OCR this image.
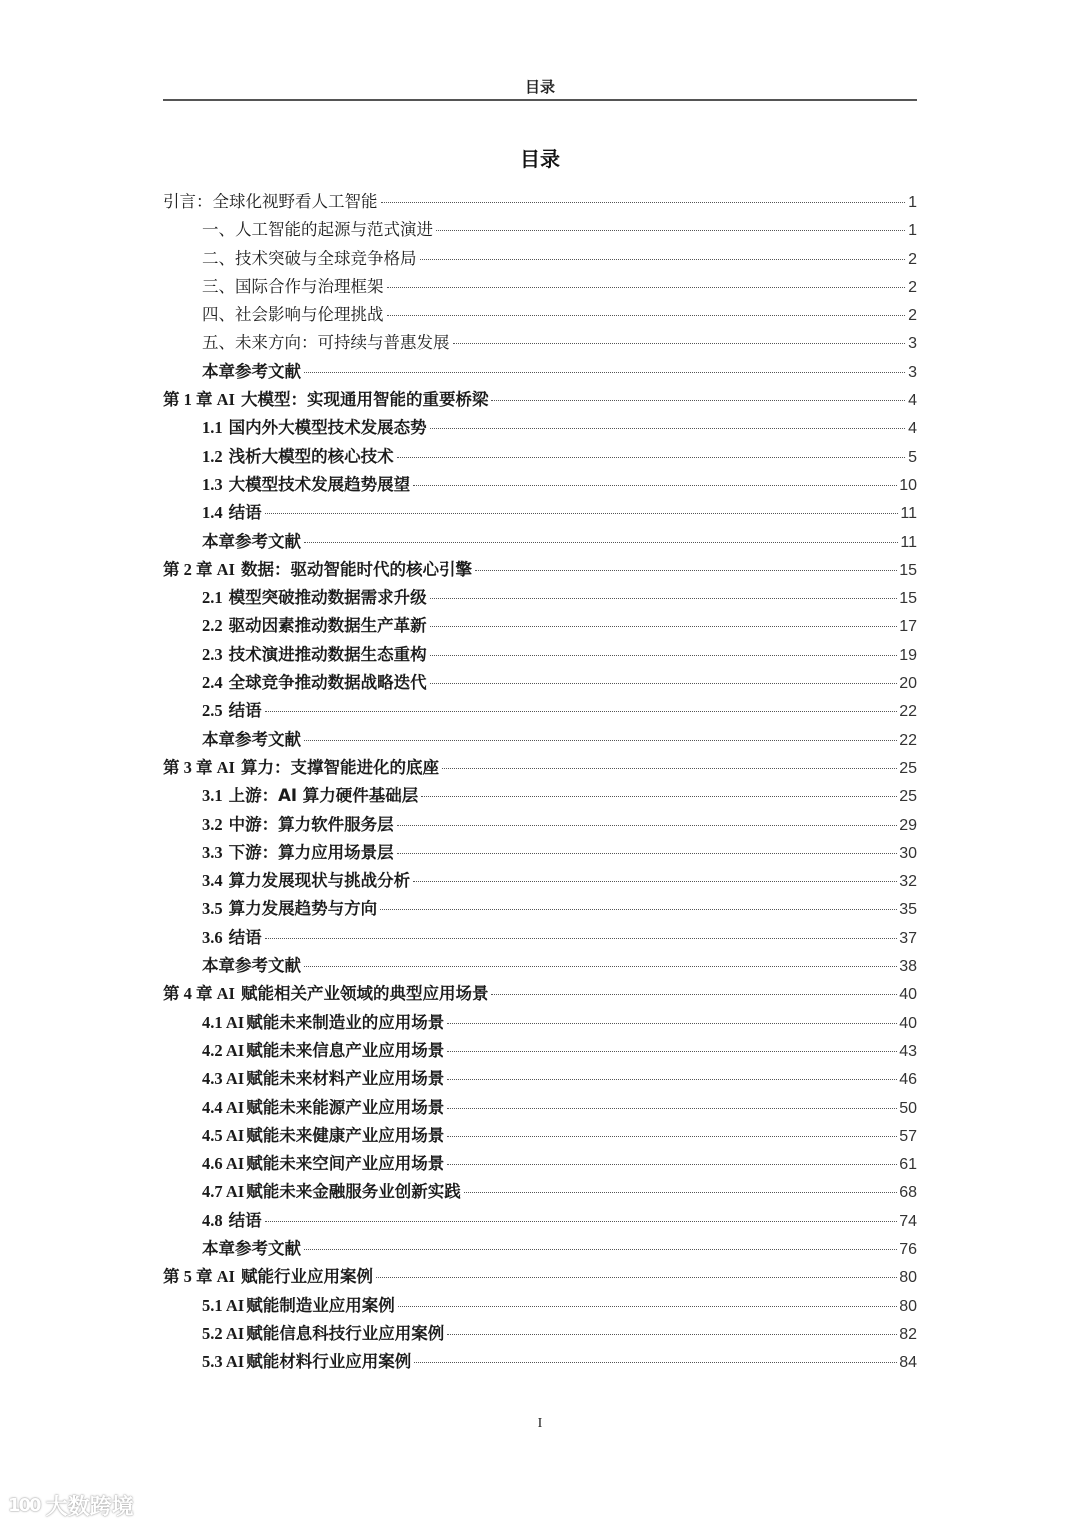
目录
目录
引言：全球化视野看人工智能	1
一、人工智能的起源与范式演进	1
二、技术突破与全球竞争格局	2
三、国际合作与治理框架	2
四、社会影响与伦理挑战	2
五、未来方向：可持续与普惠发展	3
本章参考文献	3
第 1 章 AI 大模型：实现通用智能的重要桥梁	4
1.1 国内外大模型技术发展态势	4
1.2 浅析大模型的核心技术	5
1.3 大模型技术发展趋势展望	10
1.4 结语	11
本章参考文献	11
第 2 章 AI 数据：驱动智能时代的核心引擎	15
2.1 模型突破推动数据需求升级	15
2.2 驱动因素推动数据生产革新	17
2.3 技术演进推动数据生态重构	19
2.4 全球竞争推动数据战略迭代	20
2.5 结语	22
本章参考文献	22
第 3 章 AI 算力：支撑智能进化的底座	25
3.1 上游：AI 算力硬件基础层	25
3.2 中游：算力软件服务层	29
3.3 下游：算力应用场景层	30
3.4 算力发展现状与挑战分析	32
3.5 算力发展趋势与方向	35
3.6 结语	37
本章参考文献	38
第 4 章 AI 赋能相关产业领域的典型应用场景	40
4.1 AI 赋能未来制造业的应用场景	40
4.2 AI 赋能未来信息产业应用场景	43
4.3 AI 赋能未来材料产业应用场景	46
4.4 AI 赋能未来能源产业应用场景	50
4.5 AI 赋能未来健康产业应用场景	57
4.6 AI 赋能未来空间产业应用场景	61
4.7 AI 赋能未来金融服务业创新实践	68
4.8 结语	74
本章参考文献	76
第 5 章 AI 赋能行业应用案例	80
5.1 AI 赋能制造业应用案例	80
5.2 AI 赋能信息科技行业应用案例	82
5.3 AI 赋能材料行业应用案例	84
I
100 大数跨境
